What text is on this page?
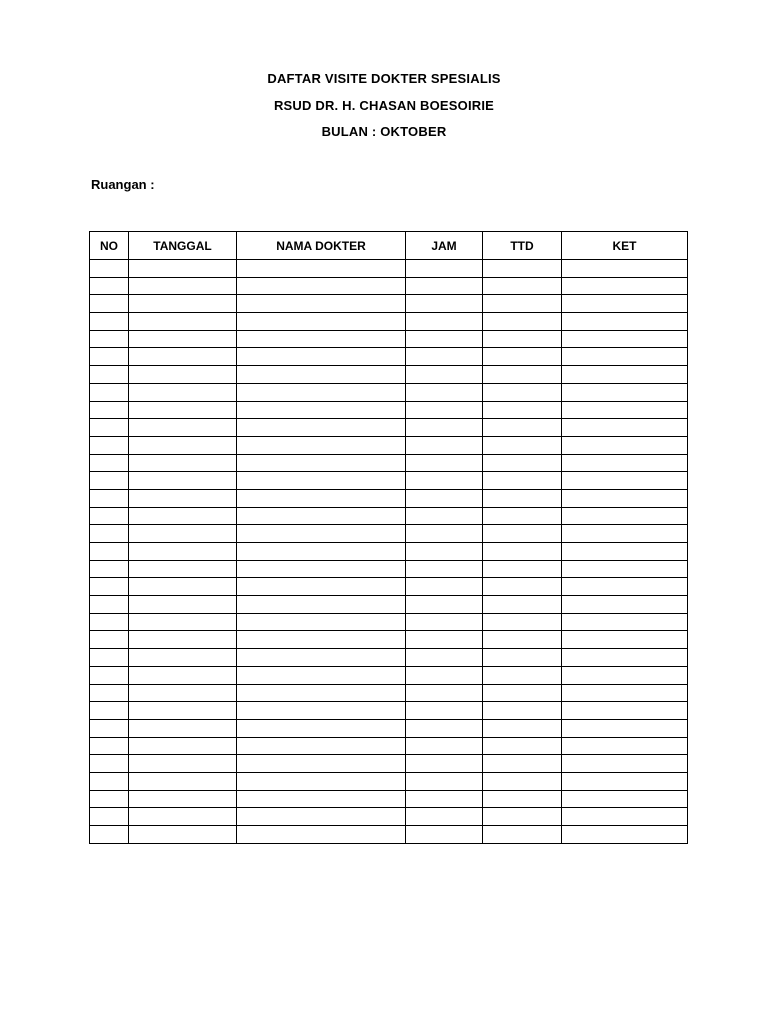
DAFTAR VISITE DOKTER SPESIALIS
RSUD DR. H. CHASAN BOESOIRIE
BULAN : OKTOBER
Ruangan :
NO	TANGGAL	NAMA DOKTER	JAM	TTD	KET
